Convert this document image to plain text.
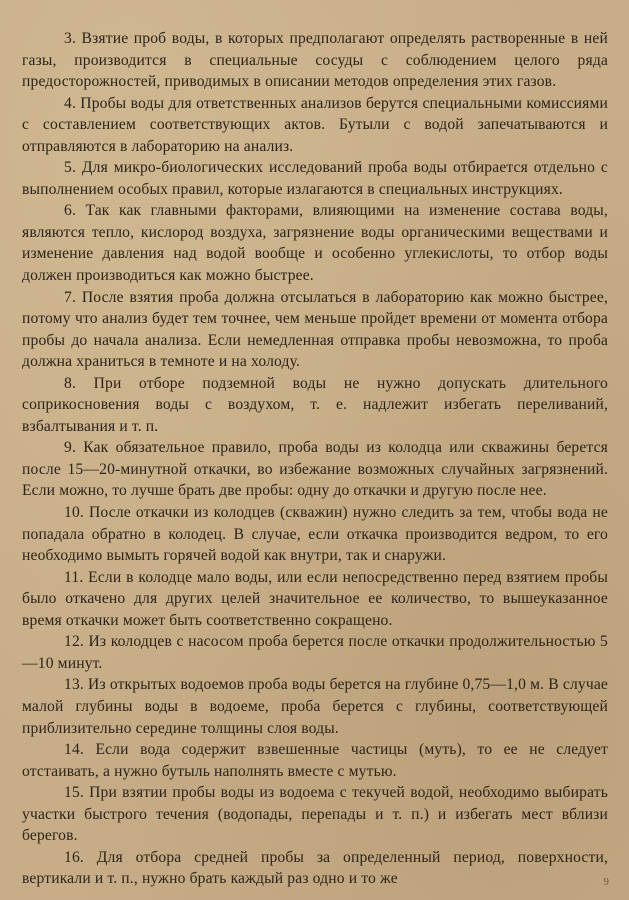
3. Взятие проб воды, в которых предполагают определять растворенные в ней газы, производится в специальные сосуды с соблюдением целого ряда предосторожностей, приводимых в описании методов определения этих газов.

4. Пробы воды для ответственных анализов берутся специальными комиссиями с составлением соответствующих актов. Бутыли с водой запечатываются и отправляются в лабораторию на анализ.

5. Для микро-биологических исследований проба воды отбирается отдельно с выполнением особых правил, которые излагаются в специальных инструкциях.

6. Так как главными факторами, влияющими на изменение состава воды, являются тепло, кислород воздуха, загрязнение воды органическими веществами и изменение давления над водой вообще и особенно углекислоты, то отбор воды должен производиться как можно быстрее.

7. После взятия проба должна отсылаться в лабораторию как можно быстрее, потому что анализ будет тем точнее, чем меньше пройдет времени от момента отбора пробы до начала анализа. Если немедленная отправка пробы невозможна, то проба должна храниться в темноте и на холоду.

8. При отборе подземной воды не нужно допускать длительного соприкосновения воды с воздухом, т. е. надлежит избегать переливаний, взбалтывания и т. п.

9. Как обязательное правило, проба воды из колодца или скважины берется после 15—20-минутной откачки, во избежание возможных случайных загрязнений. Если можно, то лучше брать две пробы: одну до откачки и другую после нее.

10. После откачки из колодцев (скважин) нужно следить за тем, чтобы вода не попадала обратно в колодец. В случае, если откачка производится ведром, то его необходимо вымыть горячей водой как внутри, так и снаружи.

11. Если в колодце мало воды, или если непосредственно перед взятием пробы было откачено для других целей значительное ее количество, то вышеуказанное время откачки может быть соответственно сокращено.

12. Из колодцев с насосом проба берется после откачки продолжительностью 5—10 минут.

13. Из открытых водоемов проба воды берется на глубине 0,75—1,0 м. В случае малой глубины воды в водоеме, проба берется с глубины, соответствующей приблизительно середине толщины слоя воды.

14. Если вода содержит взвешенные частицы (муть), то ее не следует отстаивать, а нужно бутыль наполнять вместе с мутью.

15. При взятии пробы воды из водоема с текучей водой, необходимо выбирать участки быстрого течения (водопады, перепады и т. п.) и избегать мест вблизи берегов.

16. Для отбора средней пробы за определенный период, поверхности, вертикали и т. п., нужно брать каждый раз одно и то же	9
